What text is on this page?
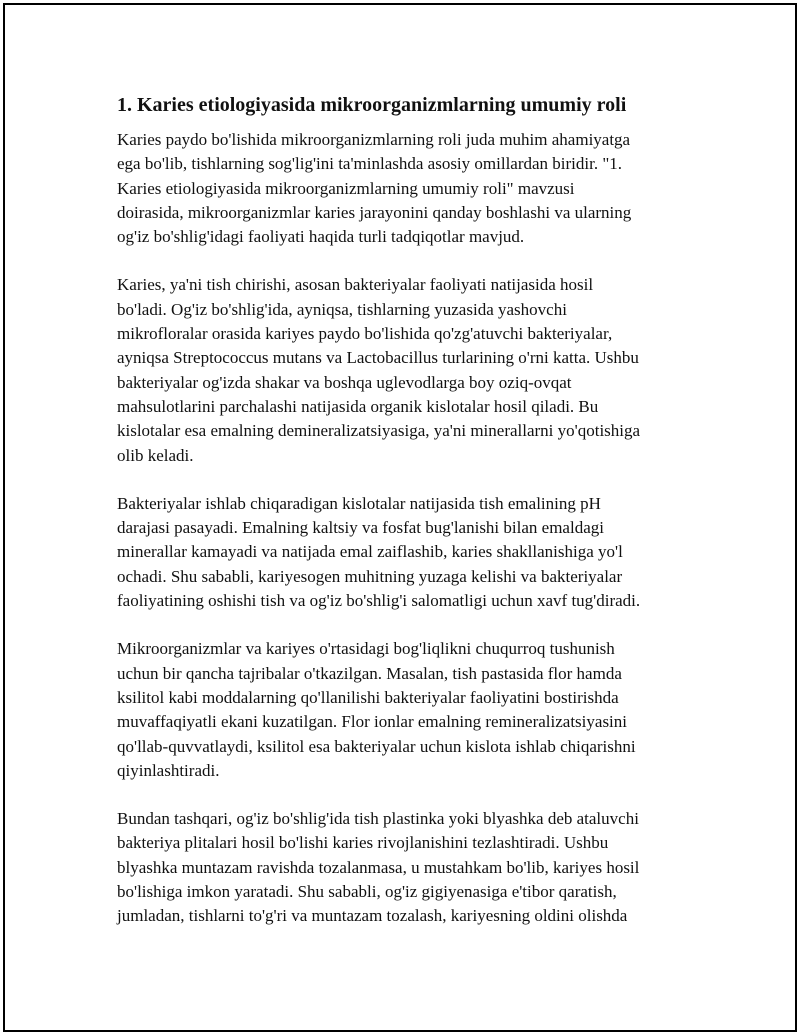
1. Karies etiologiyasida mikroorganizmlarning umumiy roli

Karies paydo bo'lishida mikroorganizmlarning roli juda muhim ahamiyatga
ega bo'lib, tishlarning sog'lig'ini ta'minlashda asosiy omillardan biridir. "1.
Karies etiologiyasida mikroorganizmlarning umumiy roli" mavzusi
doirasida, mikroorganizmlar karies jarayonini qanday boshlashi va ularning
og'iz bo'shlig'idagi faoliyati haqida turli tadqiqotlar mavjud.

Karies, ya'ni tish chirishi, asosan bakteriyalar faoliyati natijasida hosil
bo'ladi. Og'iz bo'shlig'ida, ayniqsa, tishlarning yuzasida yashovchi
mikrofloralar orasida kariyes paydo bo'lishida qo'zg'atuvchi bakteriyalar,
ayniqsa Streptococcus mutans va Lactobacillus turlarining o'rni katta. Ushbu
bakteriyalar og'izda shakar va boshqa uglevodlarga boy oziq-ovqat
mahsulotlarini parchalashi natijasida organik kislotalar hosil qiladi. Bu
kislotalar esa emalning demineralizatsiyasiga, ya'ni minerallarni yo'qotishiga
olib keladi.

Bakteriyalar ishlab chiqaradigan kislotalar natijasida tish emalining pH
darajasi pasayadi. Emalning kaltsiy va fosfat bug'lanishi bilan emaldagi
minerallar kamayadi va natijada emal zaiflashib, karies shakllanishiga yo'l
ochadi. Shu sababli, kariyesogen muhitning yuzaga kelishi va bakteriyalar
faoliyatining oshishi tish va og'iz bo'shlig'i salomatligi uchun xavf tug'diradi.

Mikroorganizmlar va kariyes o'rtasidagi bog'liqlikni chuqurroq tushunish
uchun bir qancha tajribalar o'tkazilgan. Masalan, tish pastasida flor hamda
ksilitol kabi moddalarning qo'llanilishi bakteriyalar faoliyatini bostirishda
muvaffaqiyatli ekani kuzatilgan. Flor ionlar emalning remineralizatsiyasini
qo'llab-quvvatlaydi, ksilitol esa bakteriyalar uchun kislota ishlab chiqarishni
qiyinlashtiradi.

Bundan tashqari, og'iz bo'shlig'ida tish plastinka yoki blyashka deb ataluvchi
bakteriya plitalari hosil bo'lishi karies rivojlanishini tezlashtiradi. Ushbu
blyashka muntazam ravishda tozalanmasa, u mustahkam bo'lib, kariyes hosil
bo'lishiga imkon yaratadi. Shu sababli, og'iz gigiyenasiga e'tibor qaratish,
jumladan, tishlarni to'g'ri va muntazam tozalash, kariyesning oldini olishda
